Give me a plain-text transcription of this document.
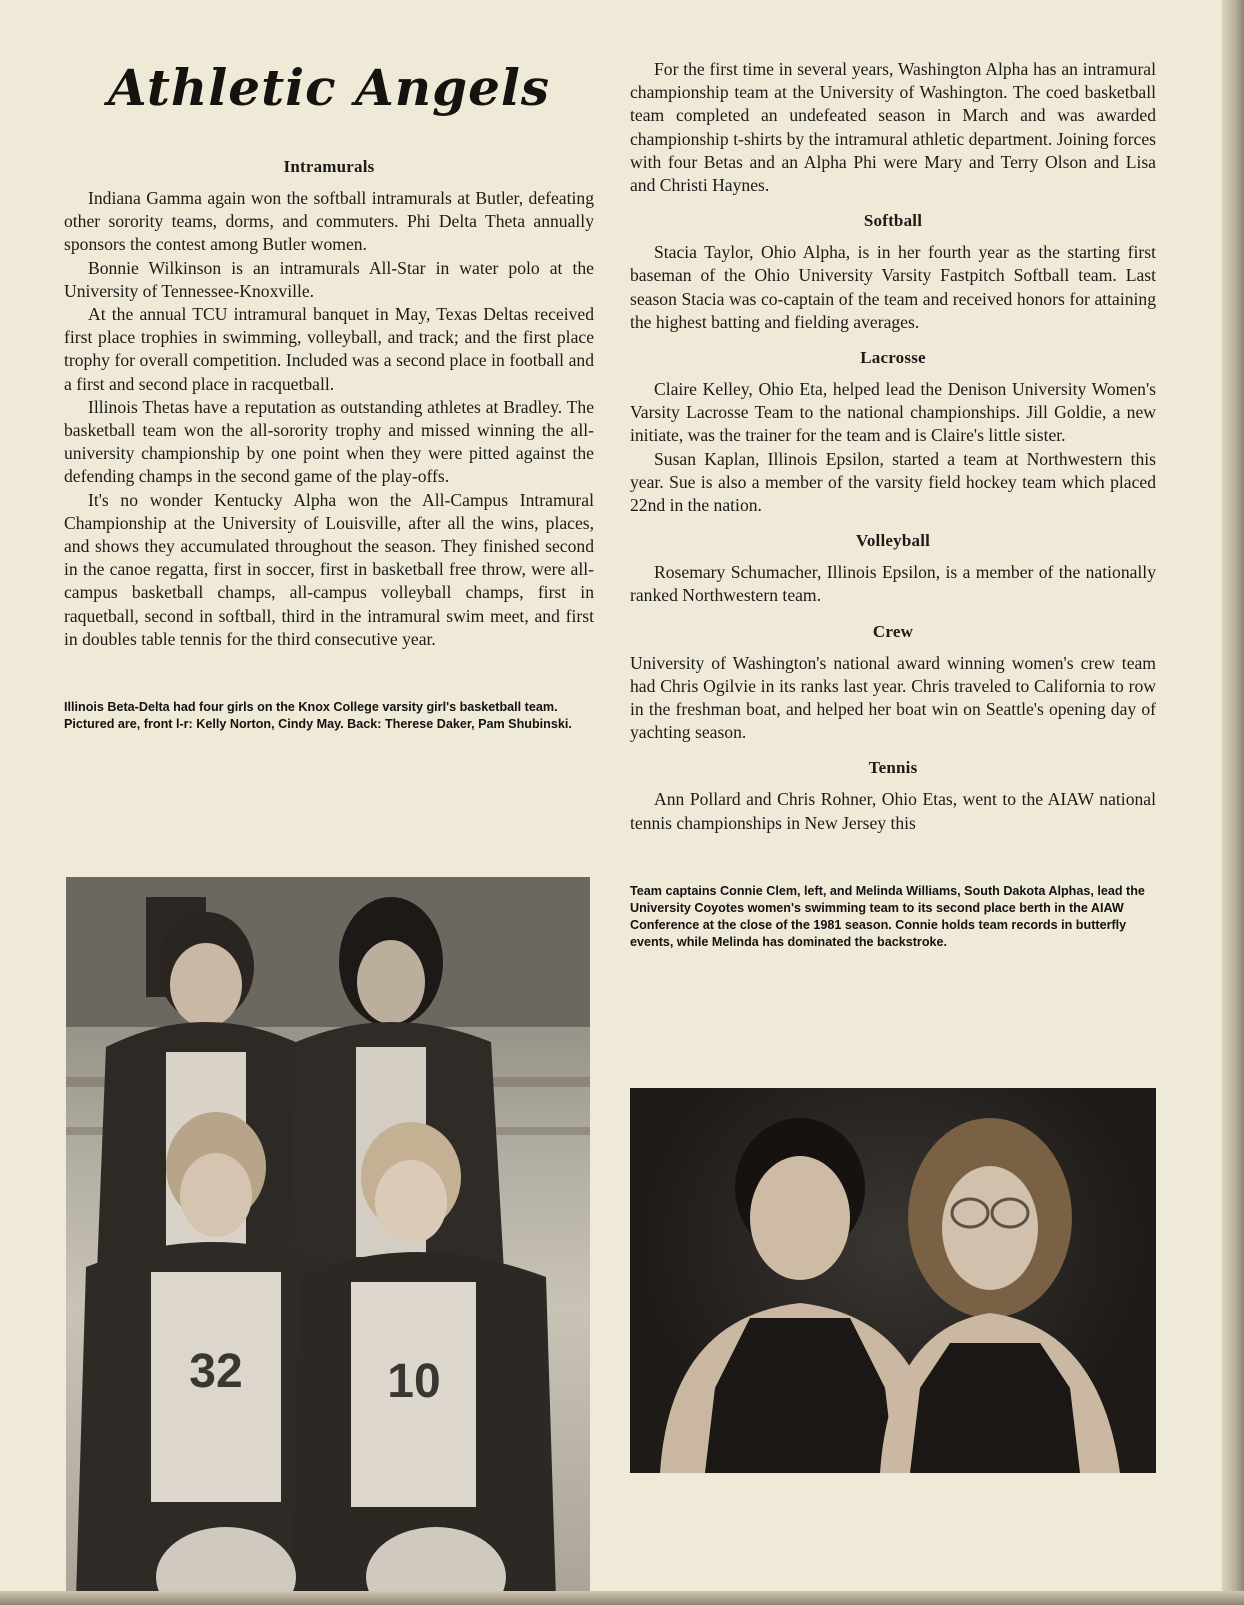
Athletic Angels
Intramurals

Indiana Gamma again won the softball intramurals at Butler, defeating other sorority teams, dorms, and commuters. Phi Delta Theta annually sponsors the contest among Butler women.

Bonnie Wilkinson is an intramurals All-Star in water polo at the University of Tennessee-Knoxville.

At the annual TCU intramural banquet in May, Texas Deltas received first place trophies in swimming, volleyball, and track; and the first place trophy for overall competition. Included was a second place in football and a first and second place in racquetball.

Illinois Thetas have a reputation as outstanding athletes at Bradley. The basketball team won the all-sorority trophy and missed winning the all-university championship by one point when they were pitted against the defending champs in the second game of the play-offs.

It's no wonder Kentucky Alpha won the All-Campus Intramural Championship at the University of Louisville, after all the wins, places, and shows they accumulated throughout the season. They finished second in the canoe regatta, first in soccer, first in basketball free throw, were all-campus basketball champs, all-campus volleyball champs, first in raquetball, second in softball, third in the intramural swim meet, and first in doubles table tennis for the third consecutive year.

Illinois Beta-Delta had four girls on the Knox College varsity girl's basketball team. Pictured are, front l-r: Kelly Norton, Cindy May. Back: Therese Daker, Pam Shubinski.
32	10

For the first time in several years, Washington Alpha has an intramural championship team at the University of Washington. The coed basketball team completed an undefeated season in March and was awarded championship t-shirts by the intramural athletic department. Joining forces with four Betas and an Alpha Phi were Mary and Terry Olson and Lisa and Christi Haynes.

Softball

Stacia Taylor, Ohio Alpha, is in her fourth year as the starting first baseman of the Ohio University Varsity Fastpitch Softball team. Last season Stacia was co-captain of the team and received honors for attaining the highest batting and fielding averages.

Lacrosse

Claire Kelley, Ohio Eta, helped lead the Denison University Women's Varsity Lacrosse Team to the national championships. Jill Goldie, a new initiate, was the trainer for the team and is Claire's little sister.

Susan Kaplan, Illinois Epsilon, started a team at Northwestern this year. Sue is also a member of the varsity field hockey team which placed 22nd in the nation.

Volleyball

Rosemary Schumacher, Illinois Epsilon, is a member of the nationally ranked Northwestern team.

Crew

University of Washington's national award winning women's crew team had Chris Ogilvie in its ranks last year. Chris traveled to California to row in the freshman boat, and helped her boat win on Seattle's opening day of yachting season.

Tennis

Ann Pollard and Chris Rohner, Ohio Etas, went to the AIAW national tennis championships in New Jersey this

Team captains Connie Clem, left, and Melinda Williams, South Dakota Alphas, lead the University Coyotes women's swimming team to its second place berth in the AIAW Conference at the close of the 1981 season. Connie holds team records in butterfly events, while Melinda has dominated the backstroke.
